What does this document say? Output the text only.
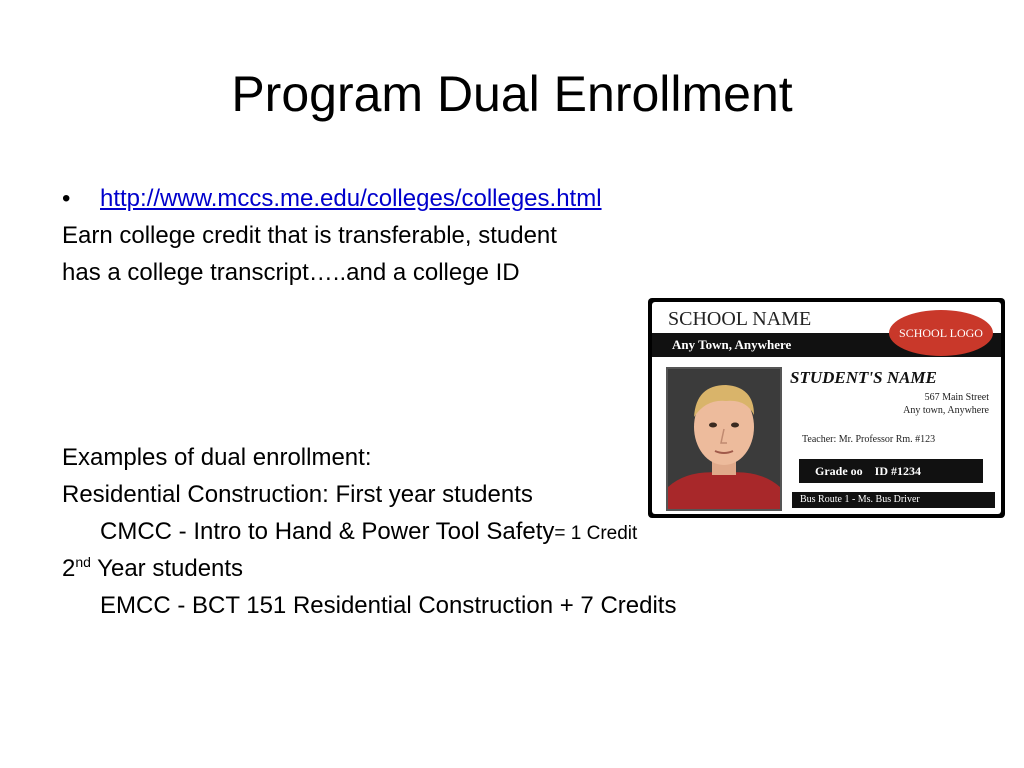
Program Dual Enrollment
• http://www.mccs.me.edu/colleges/colleges.html
Earn college credit that is transferable, student
has a college transcript…..and a college ID
Examples of dual enrollment:
Residential Construction: First year students
CMCC - Intro to Hand & Power Tool Safety= 1 Credit
2nd Year students
EMCC - BCT 151 Residential Construction + 7 Credits
SCHOOL NAME
Any Town, Anywhere
SCHOOL LOGO
STUDENT'S NAME
567 Main Street
Any town, Anywhere
Teacher: Mr. Professor Rm. #123
Grade oo    ID #1234
Bus Route 1 - Ms. Bus Driver
